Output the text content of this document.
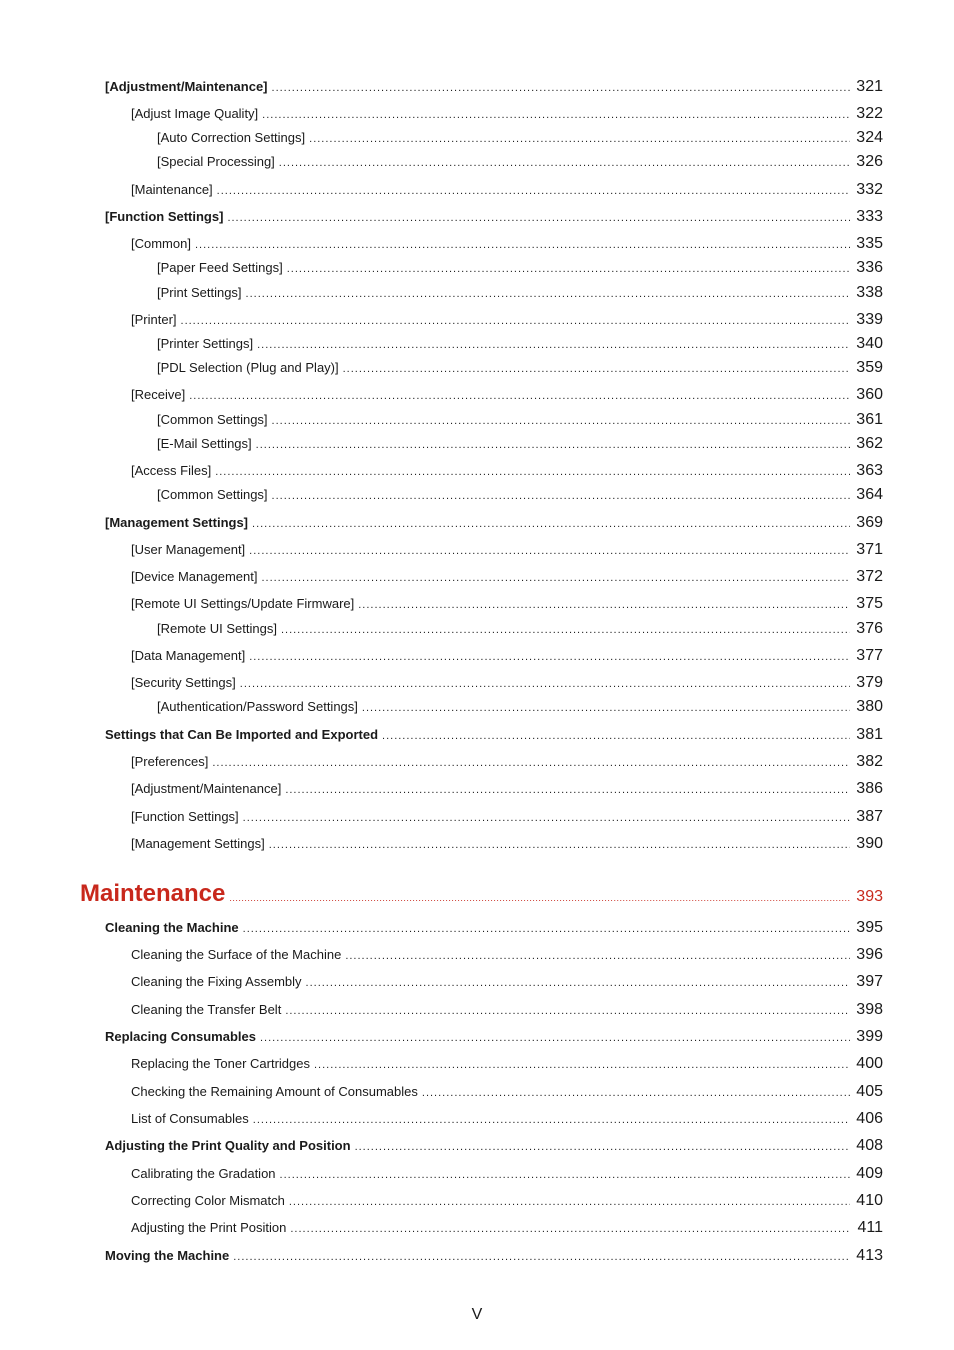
[Adjustment/Maintenance] .....	321
[Adjust Image Quality] .....	322
[Auto Correction Settings] .....	324
[Special Processing] .....	326
[Maintenance] .....	332
[Function Settings] .....	333
[Common] .....	335
[Paper Feed Settings] .....	336
[Print Settings] .....	338
[Printer] .....	339
[Printer Settings] .....	340
[PDL Selection (Plug and Play)] .....	359
[Receive] .....	360
[Common Settings] .....	361
[E-Mail Settings] .....	362
[Access Files] .....	363
[Common Settings] .....	364
[Management Settings] .....	369
[User Management] .....	371
[Device Management] .....	372
[Remote UI Settings/Update Firmware] .....	375
[Remote UI Settings] .....	376
[Data Management] .....	377
[Security Settings] .....	379
[Authentication/Password Settings] .....	380
Settings that Can Be Imported and Exported .....	381
[Preferences] .....	382
[Adjustment/Maintenance] .....	386
[Function Settings] .....	387
[Management Settings] .....	390
Maintenance .....	393
Cleaning the Machine .....	395
Cleaning the Surface of the Machine .....	396
Cleaning the Fixing Assembly .....	397
Cleaning the Transfer Belt .....	398
Replacing Consumables .....	399
Replacing the Toner Cartridges .....	400
Checking the Remaining Amount of Consumables .....	405
List of Consumables .....	406
Adjusting the Print Quality and Position .....	408
Calibrating the Gradation .....	409
Correcting Color Mismatch .....	410
Adjusting the Print Position .....	411
Moving the Machine .....	413
V
